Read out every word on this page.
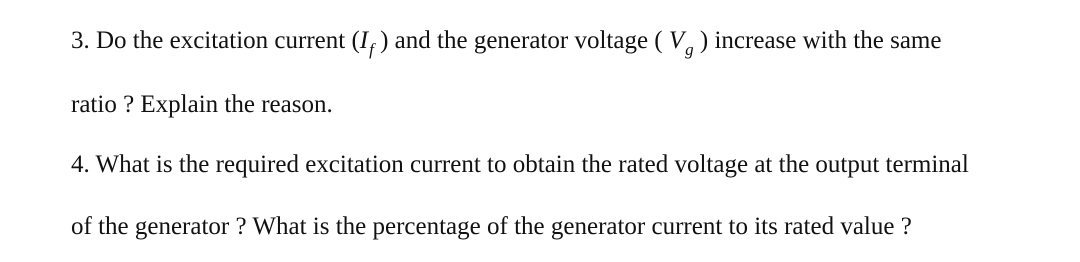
3. Do the excitation current ($I_f$ ) and the generator voltage ( $V_g$ ) increase with the same
ratio ? Explain the reason.
4. What is the required excitation current to obtain the rated voltage at the output terminal
of the generator ? What is the percentage of the generator current to its rated value ?
